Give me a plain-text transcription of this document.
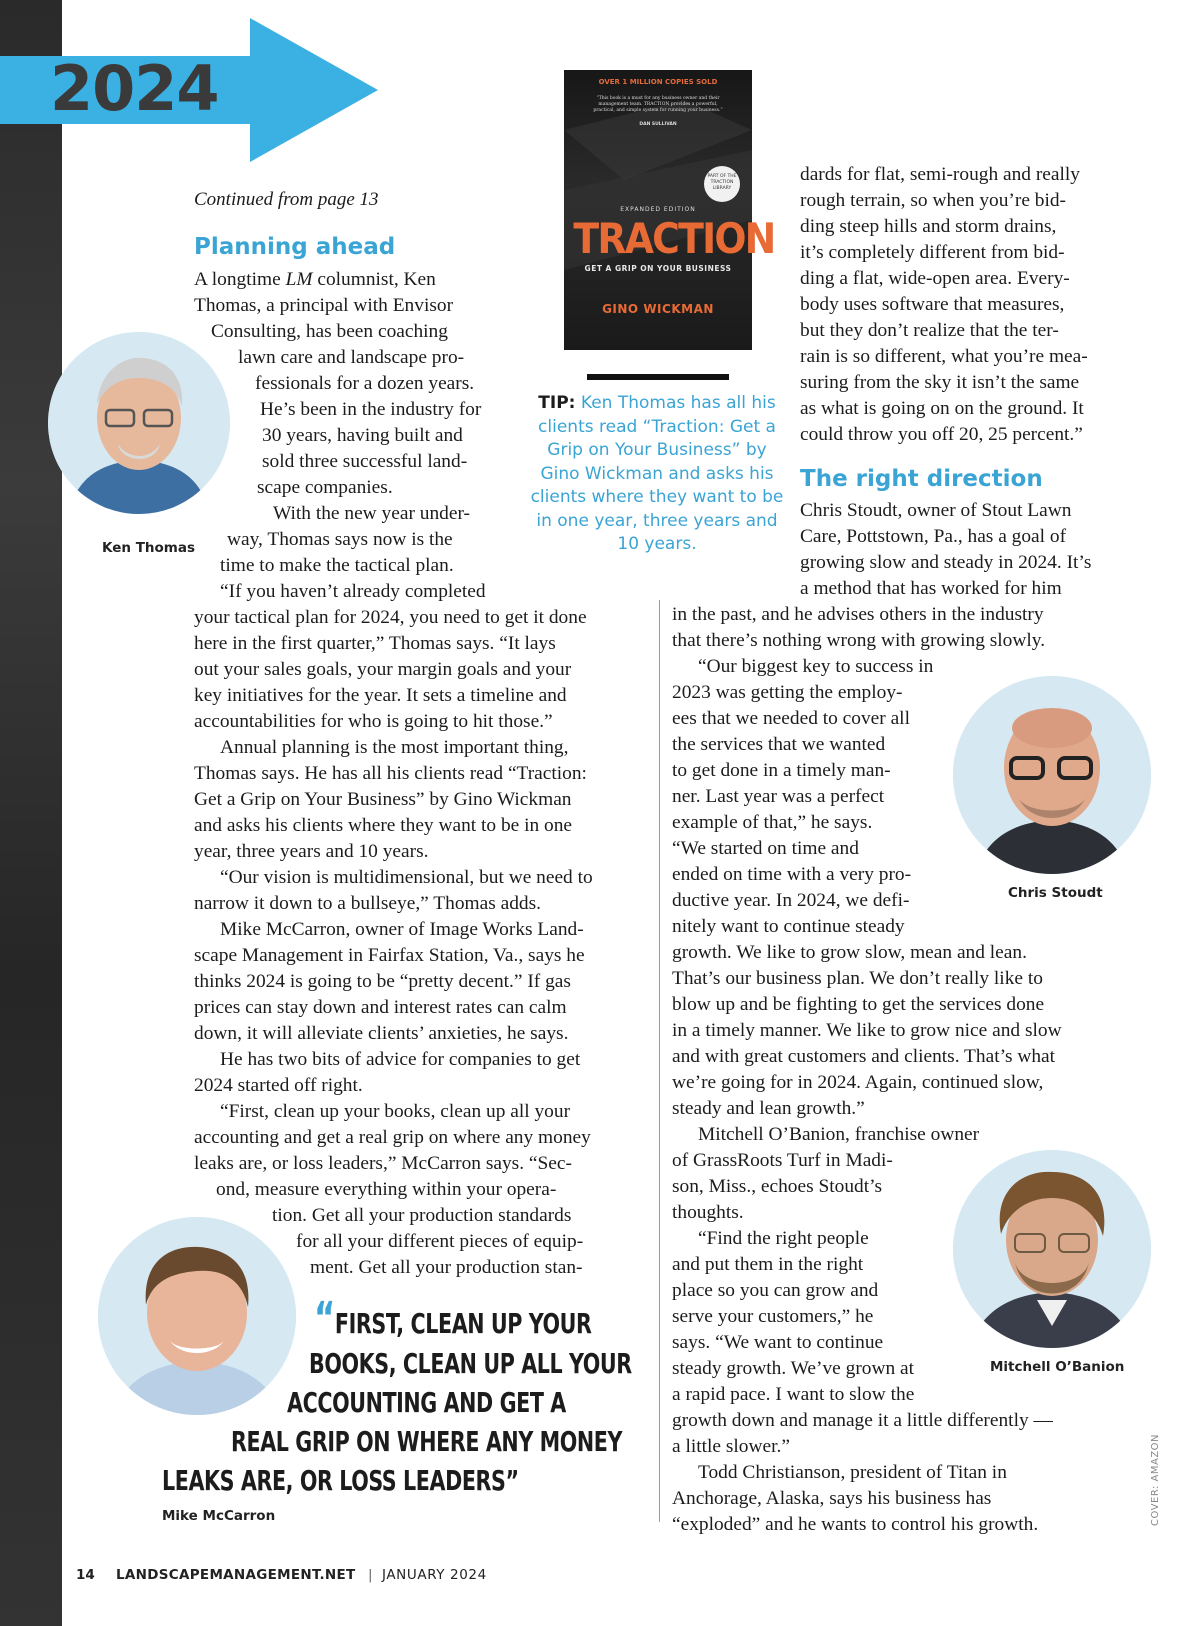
2024
Continued from page 13
Planning ahead
A longtime LM columnist, Ken
Thomas, a principal with Envisor
Consulting, has been coaching
lawn care and landscape pro-
fessionals for a dozen years.
He’s been in the industry for
30 years, having built and
sold three successful land-
scape companies.
With the new year under-
way, Thomas says now is the
time to make the tactical plan.
“If you haven’t already completed
your tactical plan for 2024, you need to get it done
here in the first quarter,” Thomas says. “It lays
out your sales goals, your margin goals and your
key initiatives for the year. It sets a timeline and
accountabilities for who is going to hit those.”
Annual planning is the most important thing,
Thomas says. He has all his clients read “Traction:
Get a Grip on Your Business” by Gino Wickman
and asks his clients where they want to be in one
year, three years and 10 years.
“Our vision is multidimensional, but we need to
narrow it down to a bullseye,” Thomas adds.
Mike McCarron, owner of Image Works Land-
scape Management in Fairfax Station, Va., says he
thinks 2024 is going to be “pretty decent.” If gas
prices can stay down and interest rates can calm
down, it will alleviate clients’ anxieties, he says.
He has two bits of advice for companies to get
2024 started off right.
“First, clean up your books, clean up all your
accounting and get a real grip on where any money
leaks are, or loss leaders,” McCarron says. “Sec-
ond, measure everything within your opera-
tion. Get all your production standards
for all your different pieces of equip-
ment. Get all your production stan-
Ken Thomas
OVER 1 MILLION COPIES SOLD
“This book is a must for any business owner and their management team. TRACTION provides a powerful, practical, and simple system for running your business.”
DAN SULLIVAN
PART OF THE TRACTION LIBRARY
EXPANDED EDITION
TRACTION
GET A GRIP ON YOUR BUSINESS
GINO WICKMAN
TIP: Ken Thomas has all his clients read “Traction: Get a Grip on Your Business” by Gino Wickman and asks his clients where they want to be in one year, three years and 10 years.
dards for flat, semi-rough and really
rough terrain, so when you’re bid-
ding steep hills and storm drains,
it’s completely different from bid-
ding a flat, wide-open area. Every-
body uses software that measures,
but they don’t realize that the ter-
rain is so different, what you’re mea-
suring from the sky it isn’t the same
as what is going on on the ground. It
could throw you off 20, 25 percent.”
The right direction
Chris Stoudt, owner of Stout Lawn
Care, Pottstown, Pa., has a goal of
growing slow and steady in 2024. It’s
a method that has worked for him
in the past, and he advises others in the industry
that there’s nothing wrong with growing slowly.
“Our biggest key to success in
2023 was getting the employ-
ees that we needed to cover all
the services that we wanted
to get done in a timely man-
ner. Last year was a perfect
example of that,” he says.
“We started on time and
ended on time with a very pro-
ductive year. In 2024, we defi-
nitely want to continue steady
growth. We like to grow slow, mean and lean.
That’s our business plan. We don’t really like to
blow up and be fighting to get the services done
in a timely manner. We like to grow nice and slow
and with great customers and clients. That’s what
we’re going for in 2024. Again, continued slow,
steady and lean growth.”
Mitchell O’Banion, franchise owner
of GrassRoots Turf in Madi-
son, Miss., echoes Stoudt’s
thoughts.
“Find the right people
and put them in the right
place so you can grow and
serve your customers,” he
says. “We want to continue
steady growth. We’ve grown at
a rapid pace. I want to slow the
growth down and manage it a little differently —
a little slower.”
Todd Christianson, president of Titan in
Anchorage, Alaska, says his business has
“exploded” and he wants to control his growth.
Chris Stoudt
Mitchell O’Banion
“FIRST, CLEAN UP YOUR
BOOKS, CLEAN UP ALL YOUR
ACCOUNTING AND GET A
REAL GRIP ON WHERE ANY MONEY
LEAKS ARE, OR LOSS LEADERS”
Mike McCarron
14 LANDSCAPEMANAGEMENT.NET | JANUARY 2024
COVER: AMAZON
